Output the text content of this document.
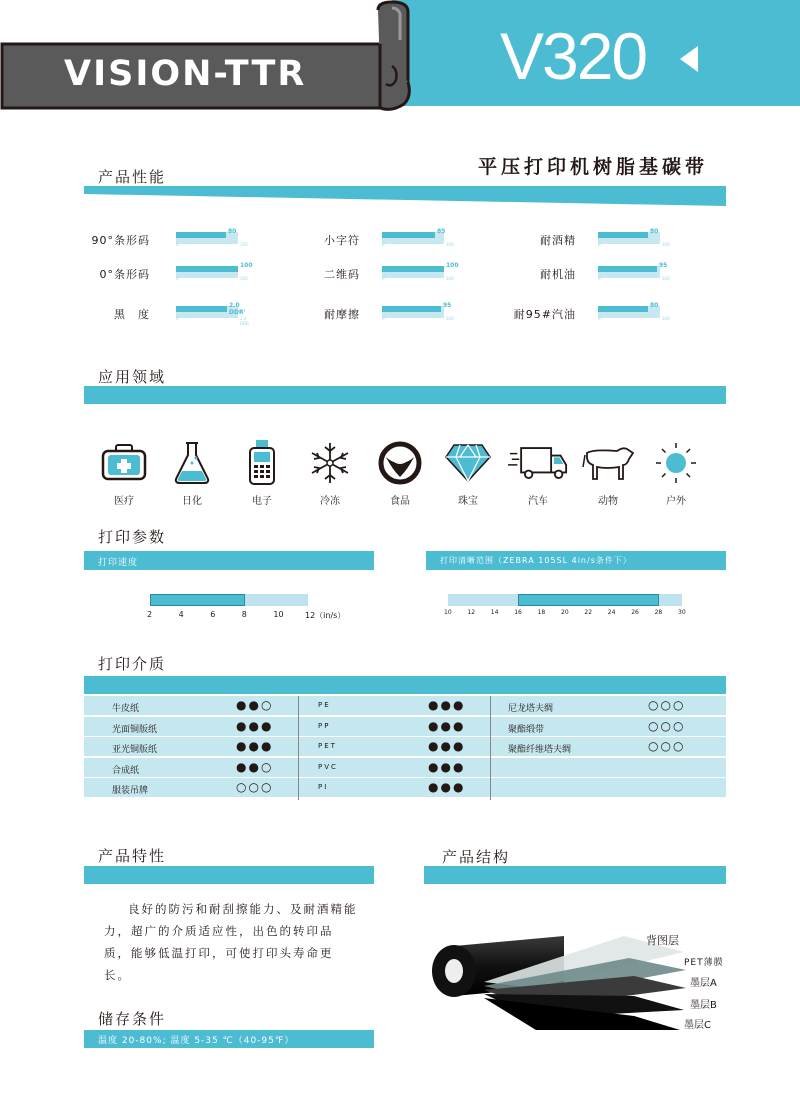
VISION-TTR	V320
平压打印机树脂基碳带
产品性能
90°条形码
80
0	100	小字符
85
0	100	耐酒精
80
0	100
0°条形码
100
0	100	二维码
100
0	100	耐机油
95
0	100
黑　度
2.0 DDR'
0	2.4 DDR
耐摩擦
95
0	100	耐95#汽油
80
0	100
应用领域
医疗	日化	电子	冷冻	食品	珠宝	汽车	动物	户外
打印参数
打印速度	打印清晰范围（ZEBRA 105SL 4in/s条件下）
2	4	6	8	10	12（in/s）	10	12	14	16	18	20	22	24	26	28	30
打印介质
牛皮纸	●●○	PE	●●●	尼龙塔夫绸	○○○
光面铜版纸	●●●	PP	●●●	聚酯缎带	○○○
亚光铜版纸	●●●	PET	●●●	聚酯纤维塔夫绸	○○○
合成纸	●●○	PVC	●●●
服装吊牌	○○○	PI	●●●
产品特性
良好的防污和耐刮擦能力、及耐酒精能力，超广的介质适应性，出色的转印品质，能够低温打印，可使打印头寿命更长。
储存条件
温度 20-80%; 温度 5-35 ℃（40-95℉）
产品结构
背图层
PET薄膜
墨层A
墨层B
墨层C
